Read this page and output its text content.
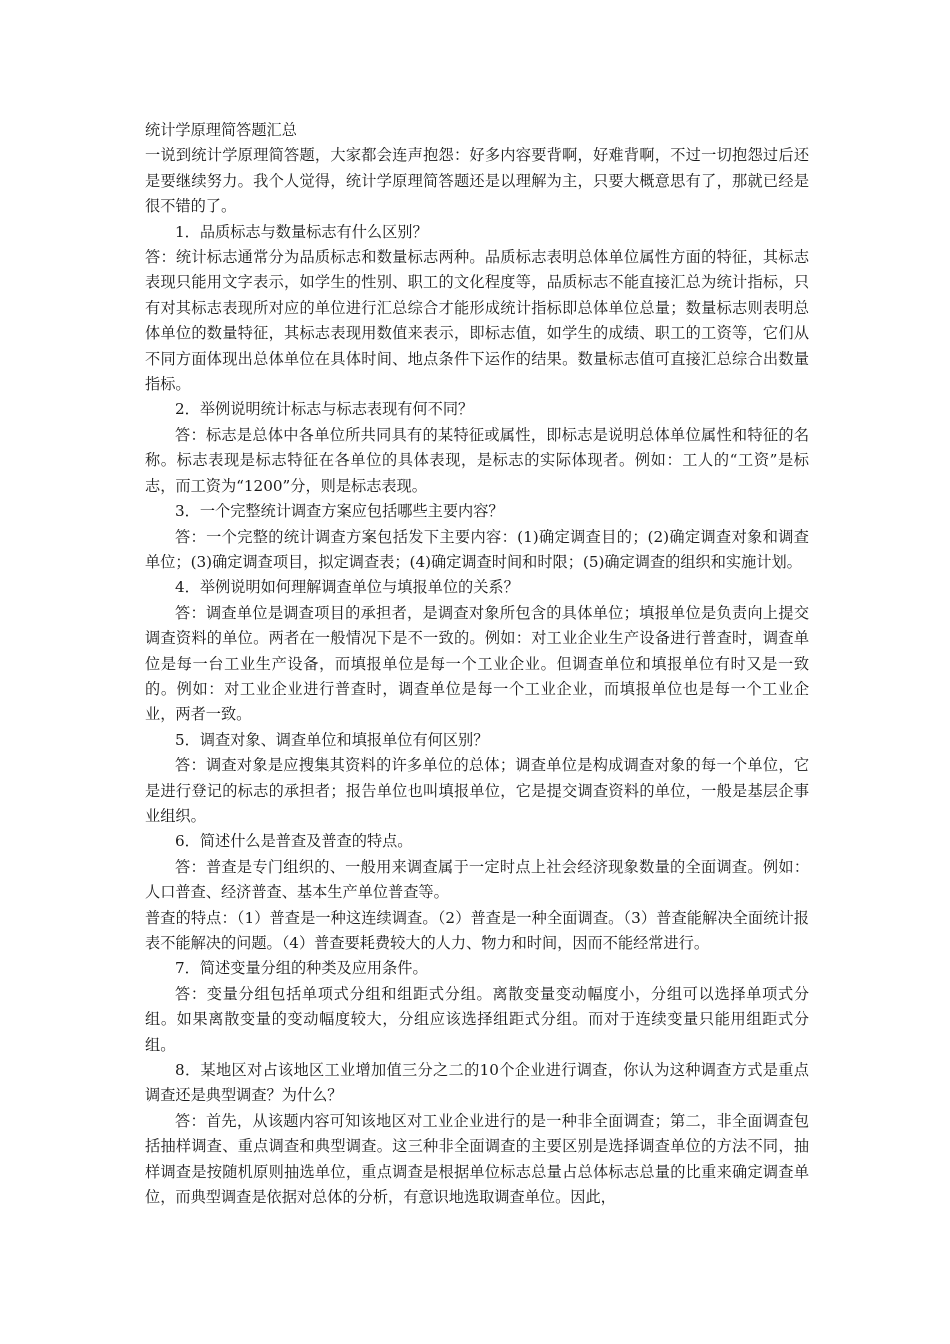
统计学原理简答题汇总

一说到统计学原理简答题，大家都会连声抱怨：好多内容要背啊，好难背啊，不过一切抱怨过后还是要继续努力。我个人觉得，统计学原理简答题还是以理解为主，只要大概意思有了，那就已经是很不错的了。

1．品质标志与数量标志有什么区别？

答：统计标志通常分为品质标志和数量标志两种。品质标志表明总体单位属性方面的特征，其标志表现只能用文字表示，如学生的性别、职工的文化程度等，品质标志不能直接汇总为统计指标，只有对其标志表现所对应的单位进行汇总综合才能形成统计指标即总体单位总量；数量标志则表明总体单位的数量特征，其标志表现用数值来表示，即标志值，如学生的成绩、职工的工资等，它们从不同方面体现出总体单位在具体时间、地点条件下运作的结果。数量标志值可直接汇总综合出数量指标。

2．举例说明统计标志与标志表现有何不同？

答：标志是总体中各单位所共同具有的某特征或属性，即标志是说明总体单位属性和特征的名称。标志表现是标志特征在各单位的具体表现，是标志的实际体现者。例如：工人的“工资”是标志，而工资为“1200”分，则是标志表现。

3．一个完整统计调查方案应包括哪些主要内容？

答：一个完整的统计调查方案包括发下主要内容：(1)确定调查目的；(2)确定调查对象和调查单位；(3)确定调查项目，拟定调查表；(4)确定调查时间和时限；(5)确定调查的组织和实施计划。

4．举例说明如何理解调查单位与填报单位的关系？

答：调查单位是调查项目的承担者，是调查对象所包含的具体单位；填报单位是负责向上提交调查资料的单位。两者在一般情况下是不一致的。例如：对工业企业生产设备进行普查时，调查单位是每一台工业生产设备，而填报单位是每一个工业企业。但调查单位和填报单位有时又是一致的。例如：对工业企业进行普查时，调查单位是每一个工业企业，而填报单位也是每一个工业企业，两者一致。

5．调查对象、调查单位和填报单位有何区别？

答：调查对象是应搜集其资料的许多单位的总体；调查单位是构成调查对象的每一个单位，它是进行登记的标志的承担者；报告单位也叫填报单位，它是提交调查资料的单位，一般是基层企事业组织。

6．简述什么是普查及普查的特点。

答：普查是专门组织的、一般用来调查属于一定时点上社会经济现象数量的全面调查。例如：人口普查、经济普查、基本生产单位普查等。

普查的特点：（1）普查是一种这连续调查。（2）普查是一种全面调查。（3）普查能解决全面统计报表不能解决的问题。（4）普查要耗费较大的人力、物力和时间，因而不能经常进行。

7．简述变量分组的种类及应用条件。

答：变量分组包括单项式分组和组距式分组。离散变量变动幅度小，分组可以选择单项式分组。如果离散变量的变动幅度较大，分组应该选择组距式分组。而对于连续变量只能用组距式分组。

8．某地区对占该地区工业增加值三分之二的10个企业进行调查，你认为这种调查方式是重点调查还是典型调查？为什么？

答：首先，从该题内容可知该地区对工业企业进行的是一种非全面调查；第二，非全面调查包括抽样调查、重点调查和典型调查。这三种非全面调查的主要区别是选择调查单位的方法不同，抽样调查是按随机原则抽选单位，重点调查是根据单位标志总量占总体标志总量的比重来确定调查单位，而典型调查是依据对总体的分析，有意识地选取调查单位。因此，
